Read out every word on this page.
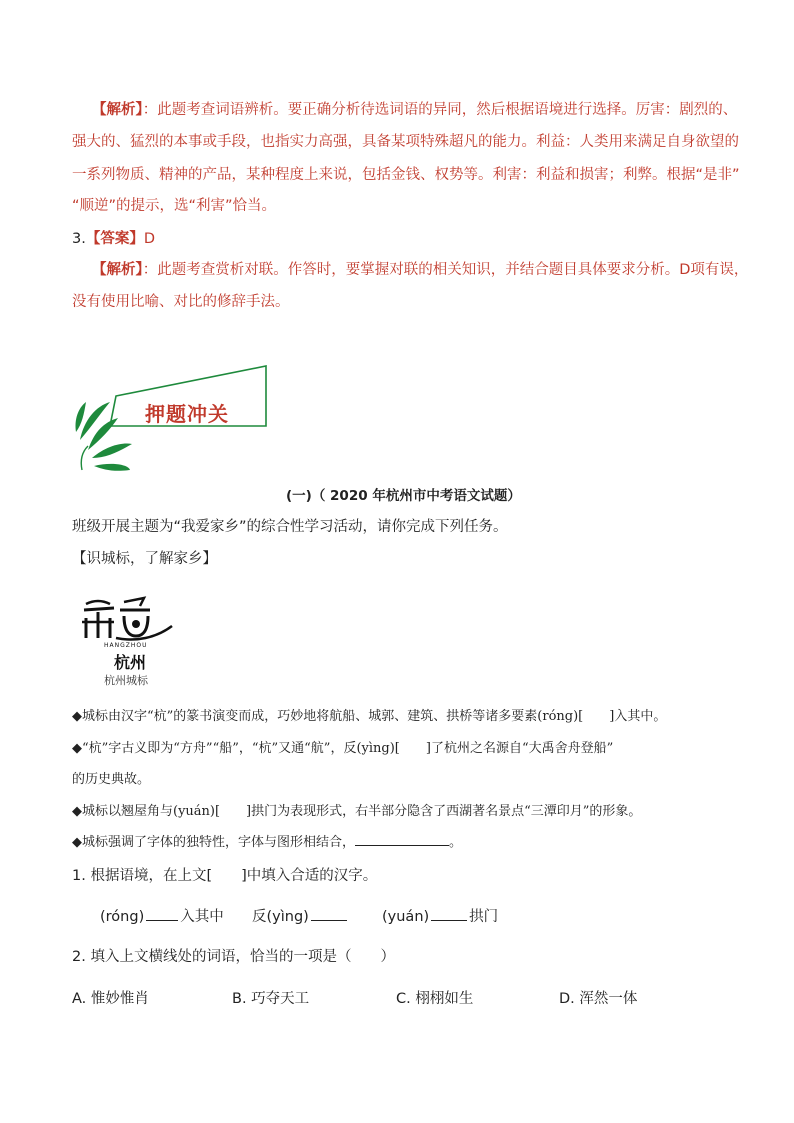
【解析】：此题考查词语辨析。要正确分析待选词语的异同，然后根据语境进行选择。厉害：剧烈的、
强大的、猛烈的本事或手段，也指实力高强，具备某项特殊超凡的能力。利益：人类用来满足自身欲望的
一系列物质、精神的产品，某种程度上来说，包括金钱、权势等。利害：利益和损害；利弊。根据“是非”
“顺逆”的提示，选“利害”恰当。
3.【答案】D
【解析】：此题考查赏析对联。作答时，要掌握对联的相关知识，并结合题目具体要求分析。D项有误，
没有使用比喻、对比的修辞手法。
押题冲关
(一)（ 2020 年杭州市中考语文试题）
班级开展主题为“我爱家乡”的综合性学习活动，请你完成下列任务。
【识城标，了解家乡】
HANGZHOU
杭州
杭州城标
◆城标由汉字“杭”的篆书演变而成，巧妙地将航船、城郭、建筑、拱桥等诸多要素(róng)[　　]入其中。
◆“杭”字古义即为“方舟”“船”，“杭”又通“航”，反(yìng)[　　]了杭州之名源自“大禹舍舟登船”
的历史典故。
◆城标以翘屋角与(yuán)[　　]拱门为表现形式，右半部分隐含了西湖著名景点“三潭印月”的形象。
◆城标强调了字体的独特性，字体与图形相结合，	。
1. 根据语境，在上文[　　]中填入合适的汉字。
(róng) 入其中 反(yìng)	(yuán)	拱门
2. 填入上文横线处的词语，恰当的一项是（　　）
A. 惟妙惟肖	B. 巧夺天工	C. 栩栩如生	D. 浑然一体
